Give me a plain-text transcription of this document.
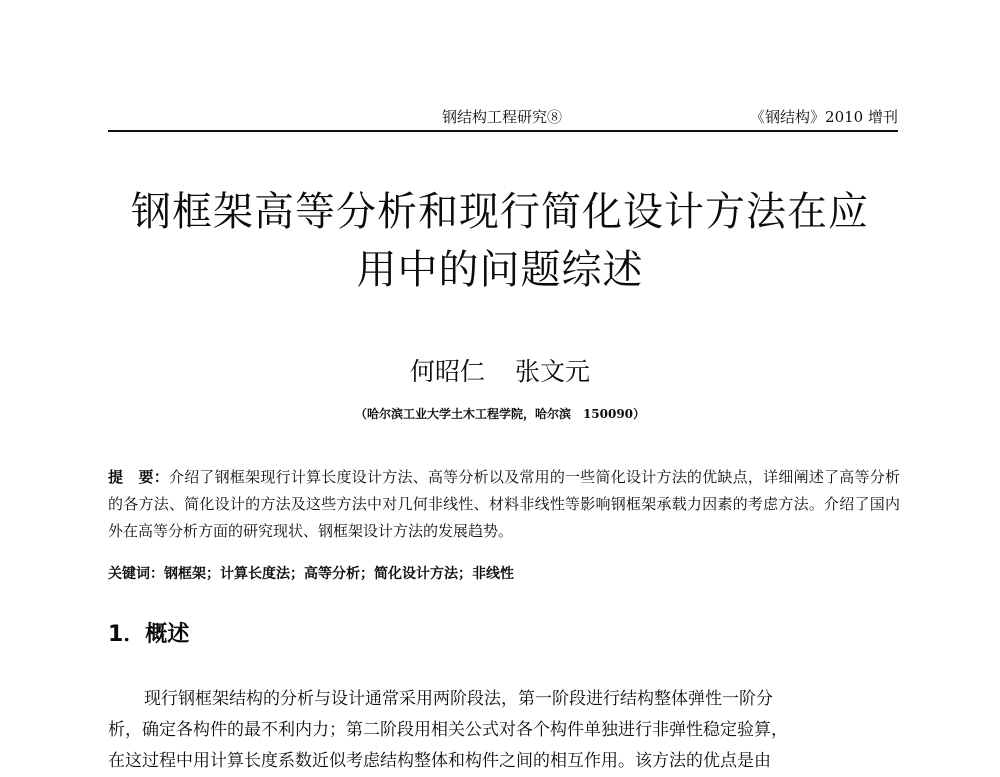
钢结构工程研究⑧	《钢结构》2010 增刊
钢框架高等分析和现行简化设计方法在应
用中的问题综述
何昭仁 张文元
（哈尔滨工业大学土木工程学院，哈尔滨　150090）

提　要：介绍了钢框架现行计算长度设计方法、高等分析以及常用的一些简化设计方法的优缺点，详细阐述了高等分析的各方法、简化设计的方法及这些方法中对几何非线性、材料非线性等影响钢框架承载力因素的考虑方法。介绍了国内外在高等分析方面的研究现状、钢框架设计方法的发展趋势。

关键词：钢框架；计算长度法；高等分析；简化设计方法；非线性
1．概述
现行钢框架结构的分析与设计通常采用两阶段法，第一阶段进行结构整体弹性一阶分
析，确定各构件的最不利内力；第二阶段用相关公式对各个构件单独进行非弹性稳定验算，
在这过程中用计算长度系数近似考虑结构整体和构件之间的相互作用。该方法的优点是由
